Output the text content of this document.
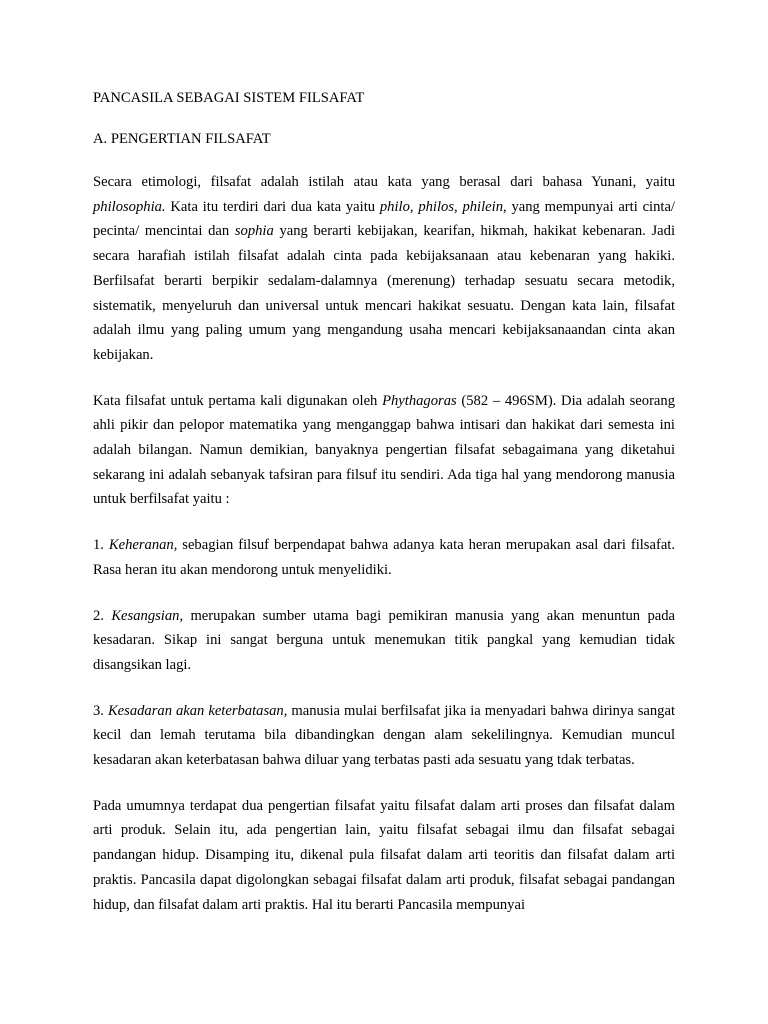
PANCASILA SEBAGAI SISTEM FILSAFAT
A. PENGERTIAN FILSAFAT

Secara etimologi, filsafat adalah istilah atau kata yang berasal dari bahasa Yunani, yaitu philosophia. Kata itu terdiri dari dua kata yaitu philo, philos, philein, yang mempunyai arti cinta/ pecinta/ mencintai dan sophia yang berarti kebijakan, kearifan, hikmah, hakikat kebenaran. Jadi secara harafiah istilah filsafat adalah cinta pada kebijaksanaan atau kebenaran yang hakiki. Berfilsafat berarti berpikir sedalam-dalamnya (merenung) terhadap sesuatu secara metodik, sistematik, menyeluruh dan universal untuk mencari hakikat sesuatu. Dengan kata lain, filsafat adalah ilmu yang paling umum yang mengandung usaha mencari kebijaksanaandan cinta akan kebijakan.

Kata filsafat untuk pertama kali digunakan oleh Phythagoras (582 – 496SM). Dia adalah seorang ahli pikir dan pelopor matematika yang menganggap bahwa intisari dan hakikat dari semesta ini adalah bilangan. Namun demikian, banyaknya pengertian filsafat sebagaimana yang diketahui sekarang ini adalah sebanyak tafsiran para filsuf itu sendiri. Ada tiga hal yang mendorong manusia untuk berfilsafat yaitu :

1. Keheranan, sebagian filsuf berpendapat bahwa adanya kata heran merupakan asal dari filsafat. Rasa heran itu akan mendorong untuk menyelidiki.

2. Kesangsian, merupakan sumber utama bagi pemikiran manusia yang akan menuntun pada kesadaran. Sikap ini sangat berguna untuk menemukan titik pangkal yang kemudian tidak disangsikan lagi.

3. Kesadaran akan keterbatasan, manusia mulai berfilsafat jika ia menyadari bahwa dirinya sangat kecil dan lemah terutama bila dibandingkan dengan alam sekelilingnya. Kemudian muncul kesadaran akan keterbatasan bahwa diluar yang terbatas pasti ada sesuatu yang tdak terbatas.

Pada umumnya terdapat dua pengertian filsafat yaitu filsafat dalam arti proses dan filsafat dalam arti produk. Selain itu, ada pengertian lain, yaitu filsafat sebagai ilmu dan filsafat sebagai pandangan hidup. Disamping itu, dikenal pula filsafat dalam arti teoritis dan filsafat dalam arti praktis. Pancasila dapat digolongkan sebagai filsafat dalam arti produk, filsafat sebagai pandangan hidup, dan filsafat dalam arti praktis. Hal itu berarti Pancasila mempunyai
